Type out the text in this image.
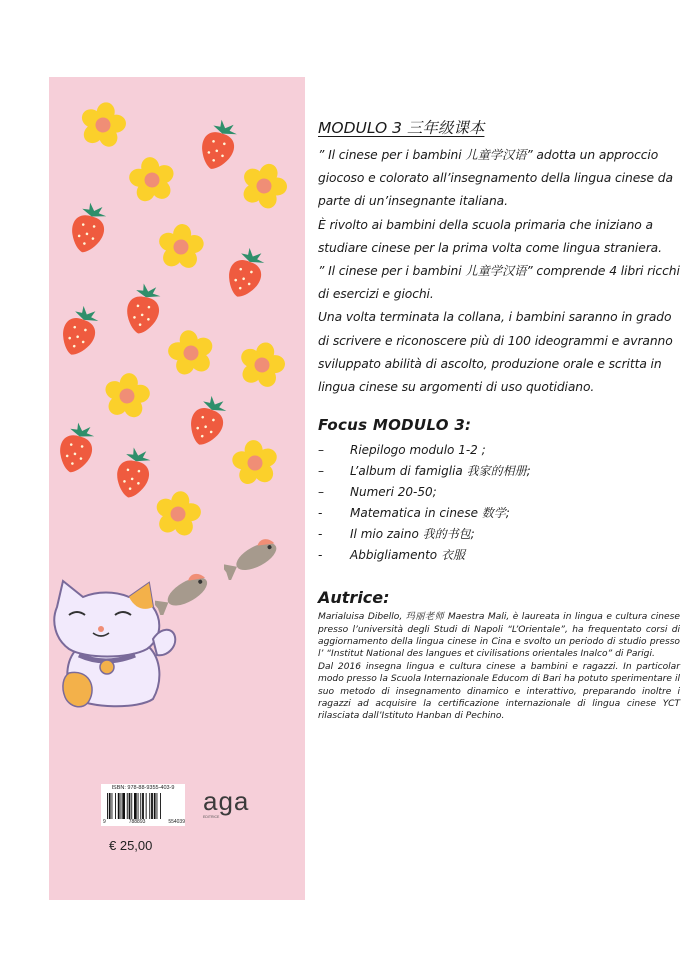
ISBN: 978-88-9355-403-9
9	788893	554039
€ 25,00
aga
EDITRICE
MODULO 3 三年级课本

” Il cinese per i bambini 儿童学汉语” adotta un approccio giocoso e colorato all’insegnamento della lingua cinese da parte di un’insegnante italiana.

È rivolto ai bambini della scuola primaria che iniziano a studiare cinese per la prima volta come lingua straniera.

” Il cinese per i bambini 儿童学汉语” comprende 4 libri ricchi di esercizi e giochi.

Una volta terminata la collana, i bambini saranno in grado di scrivere e riconoscere più di 100 ideogrammi e avranno sviluppato abilità di ascolto, produzione orale e scritta in lingua cinese su argomenti di uso quotidiano.

Focus MODULO 3:
–	Riepilogo modulo 1-2 ;
–	L’album di famiglia 我家的相册;
–	Numeri 20-50;
-	Matematica in cinese 数学;
-	Il mio zaino 我的书包;
-	Abbigliamento 衣服
Autrice:

Marialuisa Dibello, 玛丽老师 Maestra Mali, è laureata in lingua e cultura cinese presso l’università degli Studi di Napoli “L’Orientale”, ha frequentato corsi di aggiornamento della lingua cinese in Cina e svolto un periodo di studio presso l’ “Institut National des langues et civilisations orientales Inalco” di Parigi.

Dal 2016 insegna lingua e cultura cinese a bambini e ragazzi. In particolar modo presso la Scuola Internazionale Educom di Bari ha potuto sperimentare il suo metodo di insegnamento dinamico e interattivo, preparando inoltre i ragazzi ad acquisire la certificazione internazionale di lingua cinese YCT rilasciata dall’Istituto Hanban di Pechino.
